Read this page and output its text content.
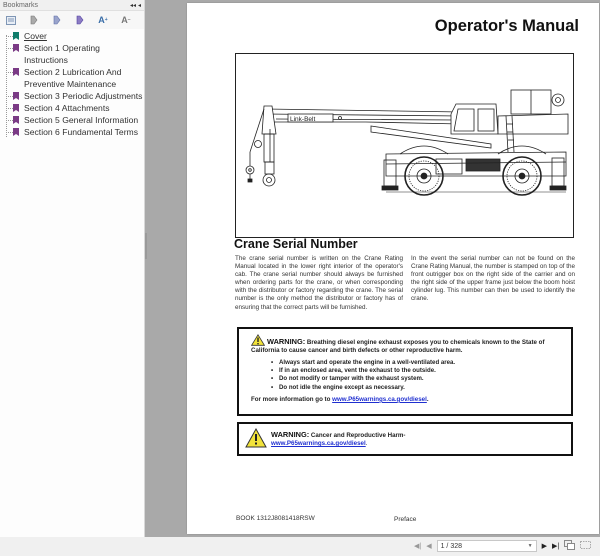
Bookmarks	◂◂ ◂
A + A −
Cover
Section 1 Operating
Instructions
Section 2 Lubrication And
Preventive Maintenance
Section 3 Periodic Adjustments
Section 4 Attachments
Section 5 General Information
Section 6 Fundamental Terms
Operator's Manual
Link-Belt
Crane Serial Number

The crane serial number is written on the Crane Rating Manual located in the lower right interior of the operator's cab. The crane serial number should always be furnished when ordering parts for the crane, or when corresponding with the distributor or factory regarding the crane. The serial number is the only method the distributor or factory has of ensuring that the correct parts will be furnished.

In the event the serial number can not be found on the Crane Rating Manual, the number is stamped on top of the front outrigger box on the right side of the carrier and on the right side of the upper frame just below the boom hoist cylinder lug. This number can then be used to identify the crane.

WARNING: Breathing diesel engine exhaust exposes you to chemicals known to the State of California to cause cancer and birth defects or other reproductive harm.
• Always start and operate the engine in a well-ventilated area.
• If in an enclosed area, vent the exhaust to the outside.
• Do not modify or tamper with the exhaust system.
• Do not idle the engine except as necessary.
For more information go to www.P65warnings.ca.gov/diesel.
WARNING: Cancer and Reproductive Harm-
www.P65warnings.ca.gov/diesel.
BOOK 1312J8081418RSW	Preface
◀| ◀ 1 / 328	▼ ▶ ▶|
